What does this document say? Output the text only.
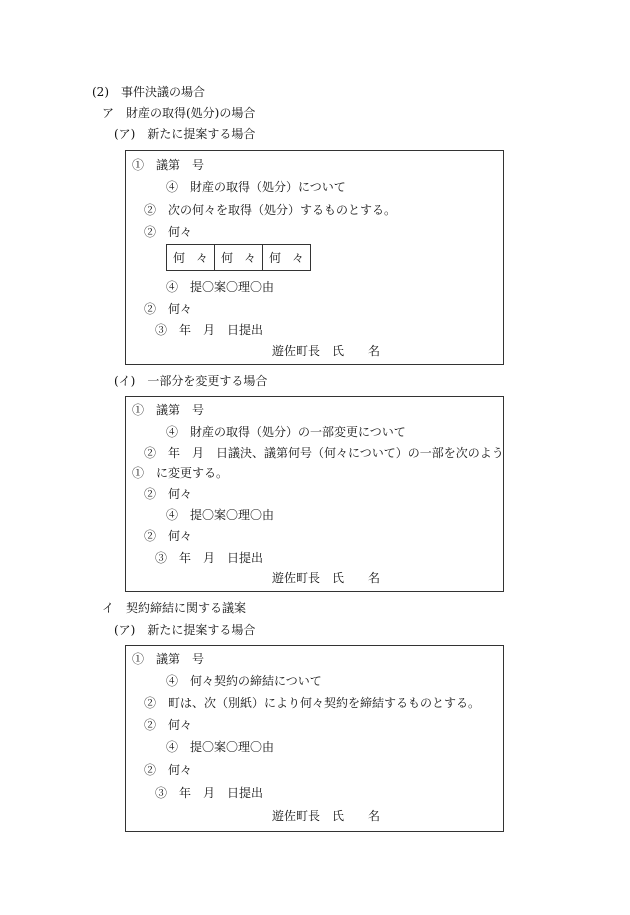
(2)　事件決議の場合
ア　財産の取得(処分)の場合
(ア)　新たに提案する場合
①　議第　号
④　財産の取得（処分）について
②　次の何々を取得（処分）するものとする。
②　何々
何 々	何 々	何 々
④　提〇案〇理〇由
②　何々
③　年　月　日提出
遊佐町長　氏　　名
(イ)　一部分を変更する場合
①　議第　号
④　財産の取得（処分）の一部変更について
②　年　月　日議決、議第何号（何々について）の一部を次のよう
①　に変更する。
②　何々
④　提〇案〇理〇由
②　何々
③　年　月　日提出
遊佐町長　氏　　名
イ　契約締結に関する議案
(ア)　新たに提案する場合
①　議第　号
④　何々契約の締結について
②　町は、次（別紙）により何々契約を締結するものとする。
②　何々
④　提〇案〇理〇由
②　何々
③　年　月　日提出
遊佐町長　氏　　名
